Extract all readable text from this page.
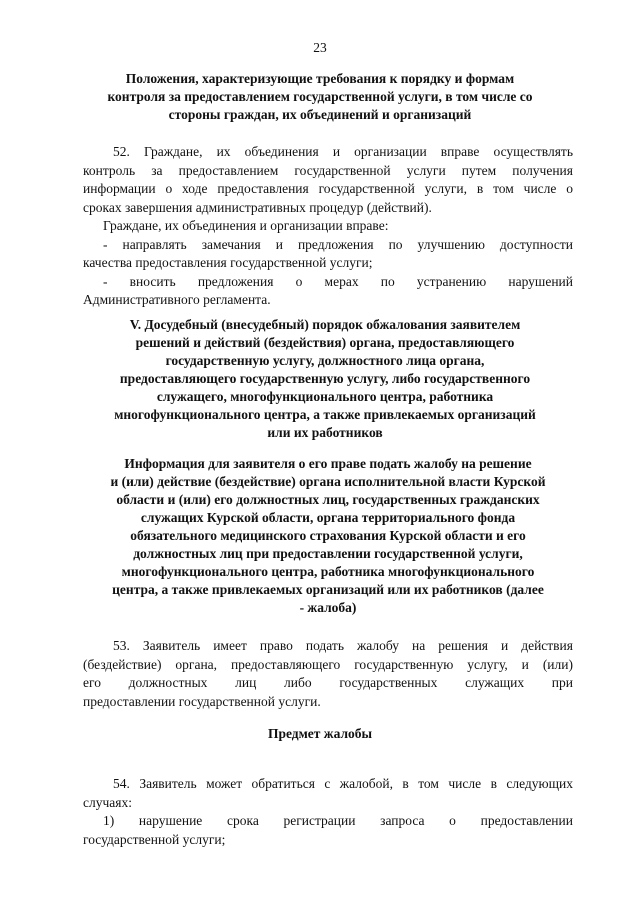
23
Положения, характеризующие требования к порядку и формам
контроля за предоставлением государственной услуги, в том числе со
стороны граждан, их объединений и организаций
52. Граждане, их объединения и организации вправе осуществлять
контроль за предоставлением государственной услуги путем получения
информации о ходе предоставления государственной услуги, в том числе о
сроках завершения административных процедур (действий).
Граждане, их объединения и организации вправе:
- направлять замечания и предложения по улучшению доступности
качества предоставления государственной услуги;
- вносить предложения о мерах по устранению нарушений
Административного регламента.
V. Досудебный (внесудебный) порядок обжалования заявителем
решений и действий (бездействия) органа, предоставляющего
государственную услугу, должностного лица органа,
предоставляющего государственную услугу, либо государственного
служащего, многофункционального центра, работника
многофункционального центра, а также привлекаемых организаций
или их работников
Информация для заявителя о его праве подать жалобу на решение
и (или) действие (бездействие) органа исполнительной власти Курской
области и (или) его должностных лиц, государственных гражданских
служащих Курской области, органа территориального фонда
обязательного медицинского страхования Курской области и его
должностных лиц при предоставлении государственной услуги,
многофункционального центра, работника многофункционального
центра, а также привлекаемых организаций или их работников (далее
- жалоба)
53. Заявитель имеет право подать жалобу на решения и действия
(бездействие) органа, предоставляющего государственную услугу, и (или)
его должностных лиц либо государственных служащих при
предоставлении государственной услуги.
Предмет жалобы
54. Заявитель может обратиться с жалобой, в том числе в следующих
случаях:
1) нарушение срока регистрации запроса о предоставлении
государственной услуги;
